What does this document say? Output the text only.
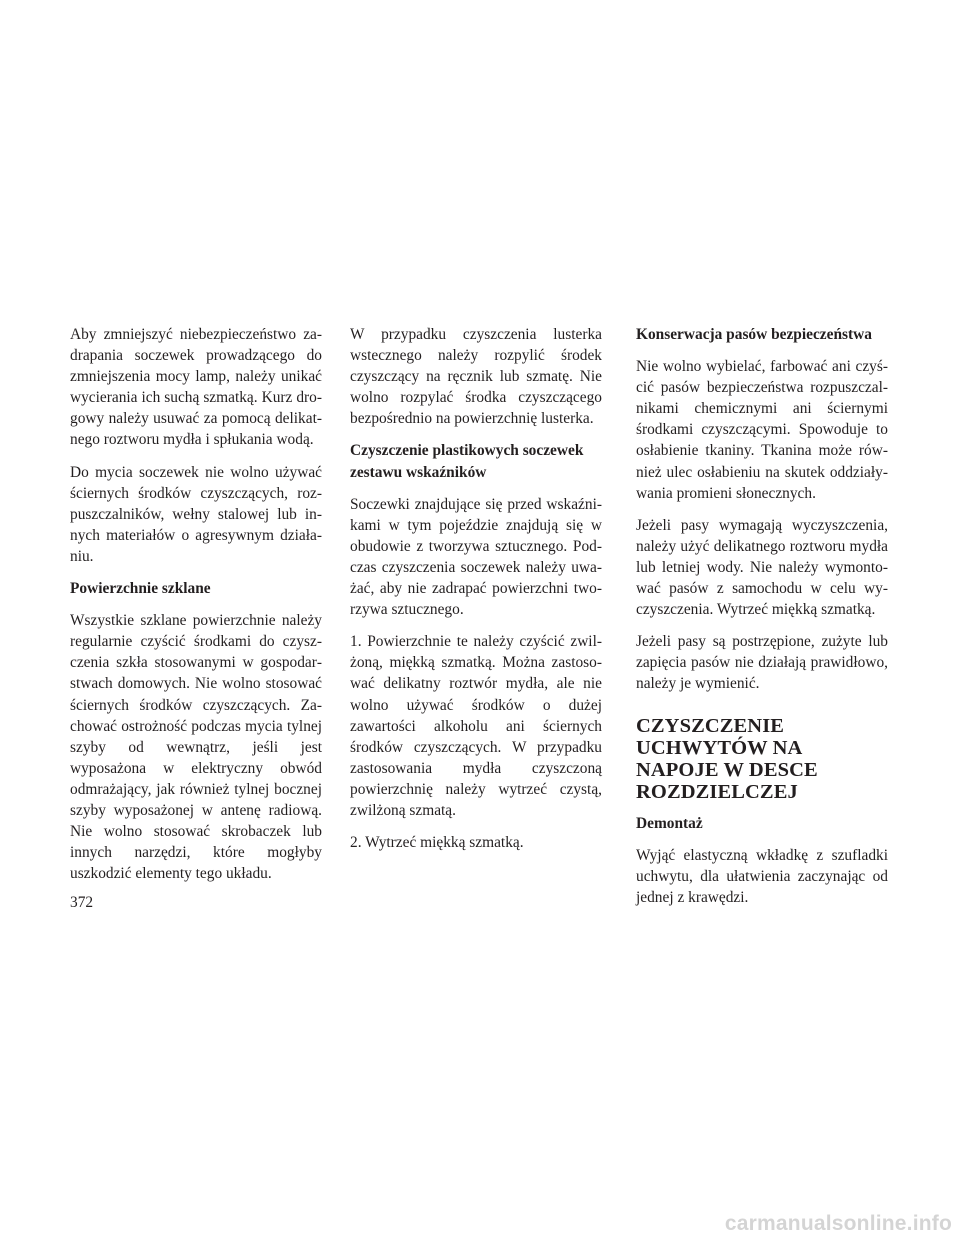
Aby zmniejszyć niebezpieczeństwo zadrapania soczewek prowadzącego do zmniejszenia mocy lamp, należy unikać wycierania ich suchą szmatką. Kurz drogowy należy usuwać za pomocą delikatnego roztworu mydła i spłukania wodą.

Do mycia soczewek nie wolno używać ściernych środków czyszczących, rozpuszczalników, wełny stalowej lub innych materiałów o agresywnym działaniu.

Powierzchnie szklane

Wszystkie szklane powierzchnie należy regularnie czyścić środkami do czyszczenia szkła stosowanymi w gospodarstwach domowych. Nie wolno stosować ściernych środków czyszczących. Zachować ostrożność podczas mycia tylnej szyby od wewnątrz, jeśli jest wyposażona w elektryczny obwód odmrażający, jak również tylnej bocznej szyby wyposażonej w antenę radiową. Nie wolno stosować skrobaczek lub innych narzędzi, które mogłyby uszkodzić elementy tego układu.

W przypadku czyszczenia lusterka wstecznego należy rozpylić środek czyszczący na ręcznik lub szmatę. Nie wolno rozpylać środka czyszczącego bezpośrednio na powierzchnię lusterka.

Czyszczenie plastikowych soczewek zestawu wskaźników

Soczewki znajdujące się przed wskaźnikami w tym pojeździe znajdują się w obudowie z tworzywa sztucznego. Podczas czyszczenia soczewek należy uważać, aby nie zadrapać powierzchni tworzywa sztucznego.

1. Powierzchnie te należy czyścić zwilżoną, miękką szmatką. Można zastosować delikatny roztwór mydła, ale nie wolno używać środków o dużej zawartości alkoholu ani ściernych środków czyszczących. W przypadku zastosowania mydła czyszczoną powierzchnię należy wytrzeć czystą, zwilżoną szmatą.

2. Wytrzeć miękką szmatką.

Konserwacja pasów bezpieczeństwa

Nie wolno wybielać, farbować ani czyścić pasów bezpieczeństwa rozpuszczalnikami chemicznymi ani ściernymi środkami czyszczącymi. Spowoduje to osłabienie tkaniny. Tkanina może również ulec osłabieniu na skutek oddziaływania promieni słonecznych.

Jeżeli pasy wymagają wyczyszczenia, należy użyć delikatnego roztworu mydła lub letniej wody. Nie należy wymontować pasów z samochodu w celu wyczyszczenia. Wytrzeć miękką szmatką.

Jeżeli pasy są postrzępione, zużyte lub zapięcia pasów nie działają prawidłowo, należy je wymienić.

CZYSZCZENIE UCHWYTÓW NA NAPOJE W DESCE ROZDZIELCZEJ
Demontaż

Wyjąć elastyczną wkładkę z szufladki uchwytu, dla ułatwienia zaczynając od jednej z krawędzi.

372
carmanualsonline.info
